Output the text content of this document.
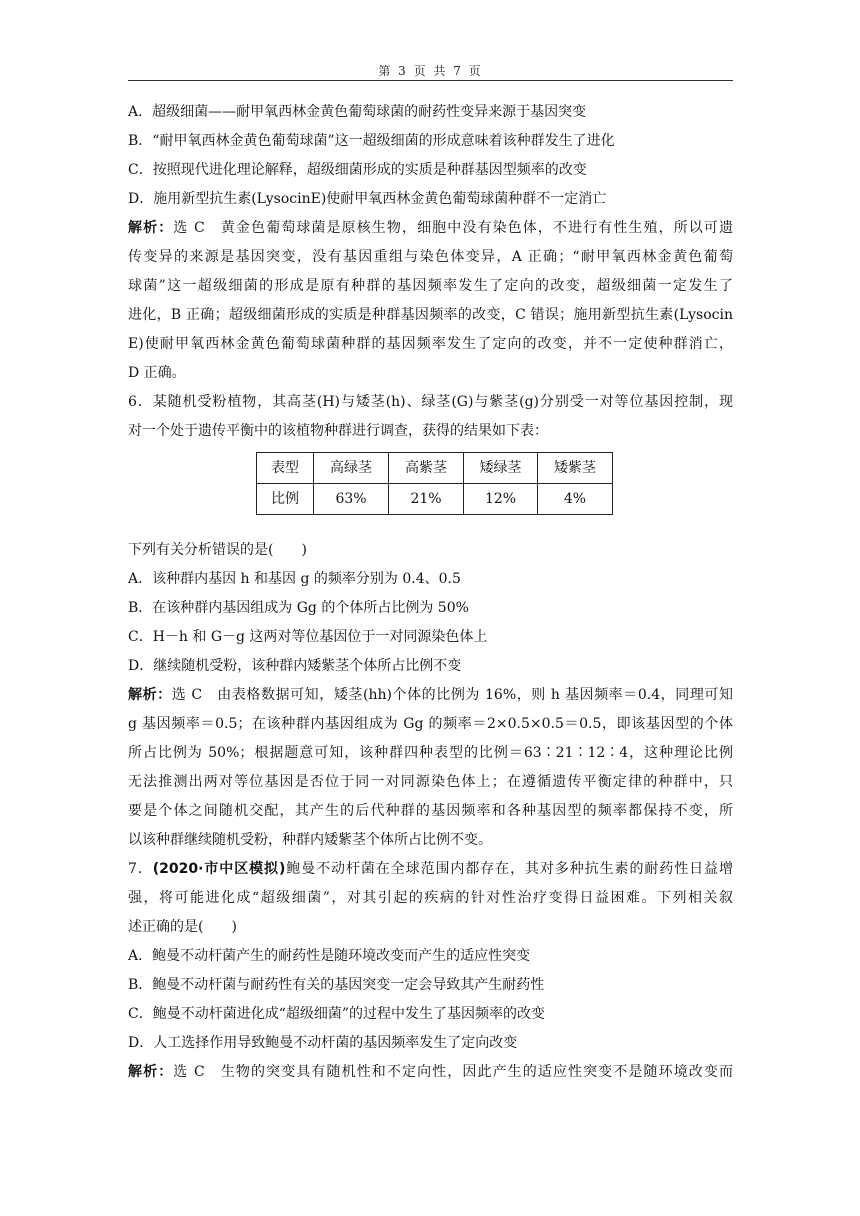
第 3 页 共 7 页
A．超级细菌——耐甲氧西林金黄色葡萄球菌的耐药性变异来源于基因突变
B．“耐甲氧西林金黄色葡萄球菌”这一超级细菌的形成意味着该种群发生了进化
C．按照现代进化理论解释，超级细菌形成的实质是种群基因型频率的改变
D．施用新型抗生素(LysocinE)使耐甲氧西林金黄色葡萄球菌种群不一定消亡
解析：选 C　黄金色葡萄球菌是原核生物，细胞中没有染色体，不进行有性生殖，所以可遗
传变异的来源是基因突变，没有基因重组与染色体变异，A 正确；“耐甲氧西林金黄色葡萄
球菌”这一超级细菌的形成是原有种群的基因频率发生了定向的改变，超级细菌一定发生了
进化，B 正确；超级细菌形成的实质是种群基因频率的改变，C 错误；施用新型抗生素(Lysocin
E)使耐甲氧西林金黄色葡萄球菌种群的基因频率发生了定向的改变，并不一定使种群消亡，
D 正确。
6．某随机受粉植物，其高茎(H)与矮茎(h)、绿茎(G)与紫茎(g)分别受一对等位基因控制，现
对一个处于遗传平衡中的该植物种群进行调查，获得的结果如下表：
表型	高绿茎	高紫茎	矮绿茎	矮紫茎
比例	63%	21%	12%	4%
下列有关分析错误的是(　　)
A．该种群内基因 h 和基因 g 的频率分别为 0.4、0.5
B．在该种群内基因组成为 Gg 的个体所占比例为 50%
C．H－h 和 G－g 这两对等位基因位于一对同源染色体上
D．继续随机受粉，该种群内矮紫茎个体所占比例不变
解析：选 C　由表格数据可知，矮茎(hh)个体的比例为 16%，则 h 基因频率＝0.4，同理可知
g 基因频率＝0.5；在该种群内基因组成为 Gg 的频率＝2×0.5×0.5＝0.5，即该基因型的个体
所占比例为 50%；根据题意可知，该种群四种表型的比例＝63∶21∶12∶4，这种理论比例
无法推测出两对等位基因是否位于同一对同源染色体上；在遵循遗传平衡定律的种群中，只
要是个体之间随机交配，其产生的后代种群的基因频率和各种基因型的频率都保持不变，所
以该种群继续随机受粉，种群内矮紫茎个体所占比例不变。
7．(2020·市中区模拟)鲍曼不动杆菌在全球范围内都存在，其对多种抗生素的耐药性日益增
强，将可能进化成“超级细菌”，对其引起的疾病的针对性治疗变得日益困难。下列相关叙
述正确的是(　　)
A．鲍曼不动杆菌产生的耐药性是随环境改变而产生的适应性突变
B．鲍曼不动杆菌与耐药性有关的基因突变一定会导致其产生耐药性
C．鲍曼不动杆菌进化成“超级细菌”的过程中发生了基因频率的改变
D．人工选择作用导致鲍曼不动杆菌的基因频率发生了定向改变
解析：选 C　生物的突变具有随机性和不定向性，因此产生的适应性突变不是随环境改变而
